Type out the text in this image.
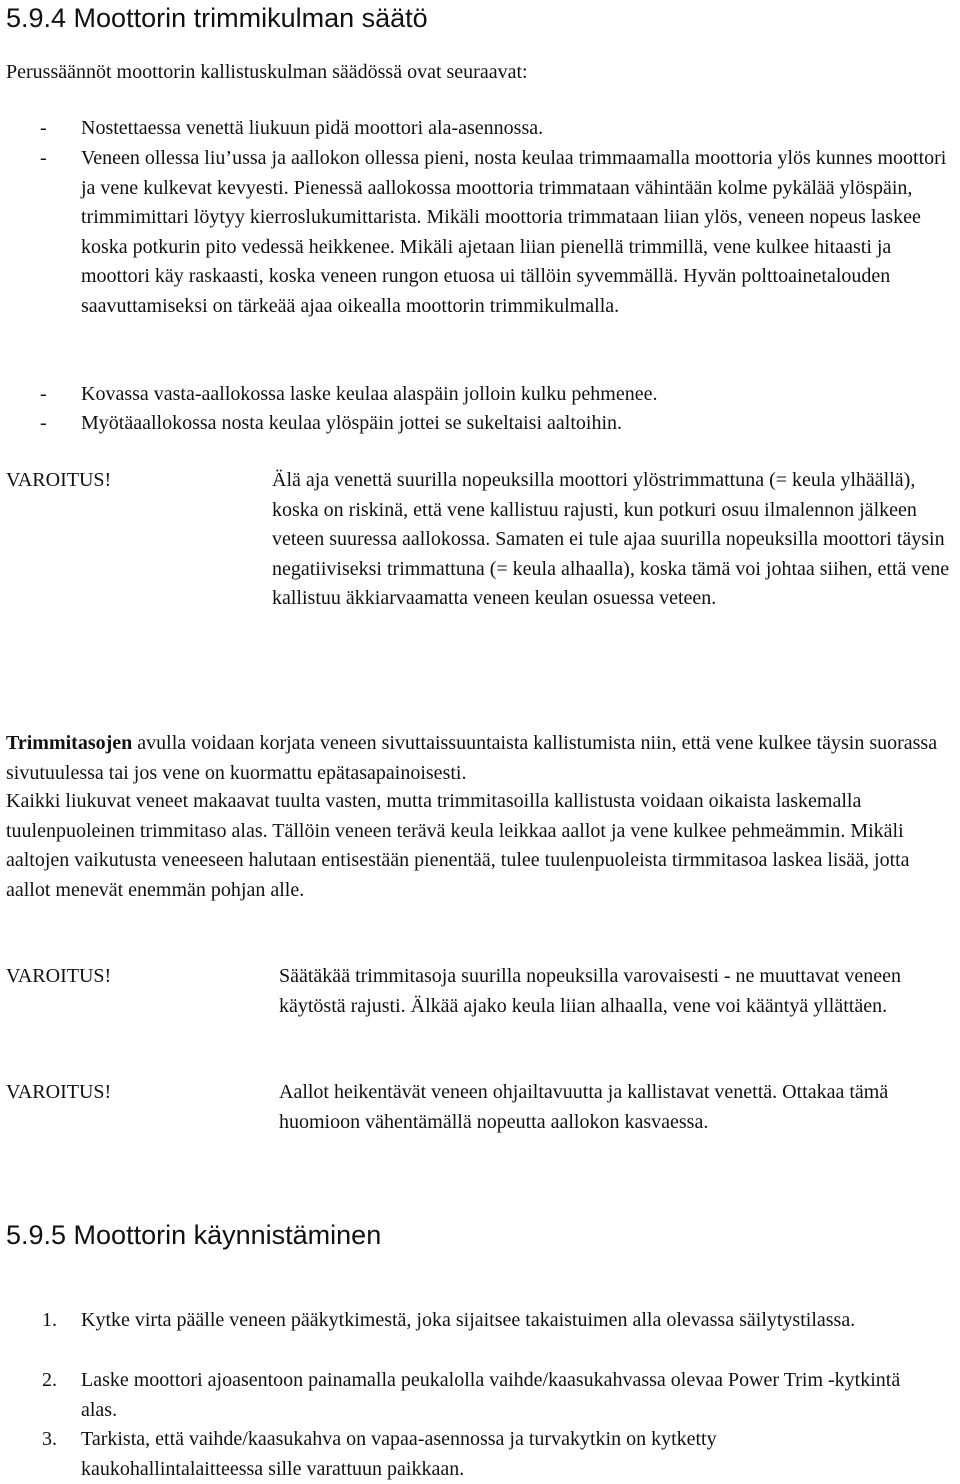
5.9.4 Moottorin trimmikulman säätö

Perussäännöt moottorin kallistuskulman säädössä ovat seuraavat:

- Nostettaessa venettä liukuun pidä moottori ala-asennossa.
- Veneen ollessa liu’ussa ja aallokon ollessa pieni, nosta keulaa trimmaamalla moottoria ylös kunnes moottori ja vene kulkevat kevyesti. Pienessä aallokossa moottoria trimmataan vähintään kolme pykälää ylöspäin, trimmimittari löytyy kierroslukumittarista. Mikäli moottoria trimmataan liian ylös, veneen nopeus laskee koska potkurin pito vedessä heikkenee. Mikäli ajetaan liian pienellä trimmillä, vene kulkee hitaasti ja moottori käy raskaasti, koska veneen rungon etuosa ui tällöin syvemmällä. Hyvän polttoainetalouden saavuttamiseksi on tärkeää ajaa oikealla moottorin trimmikulmalla.

- Kovassa vasta-aallokossa laske keulaa alaspäin jolloin kulku pehmenee.
- Myötäaallokossa nosta keulaa ylöspäin jottei se sukeltaisi aaltoihin.
VAROITUS!	Älä aja venettä suurilla nopeuksilla moottori ylöstrimmattuna (= keula ylhäällä), koska on riskinä, että vene kallistuu rajusti, kun potkuri osuu ilmalennon jälkeen veteen suuressa aallokossa. Samaten ei tule ajaa suurilla nopeuksilla moottori täysin negatiiviseksi trimmattuna (= keula alhaalla), koska tämä voi johtaa siihen, että vene kallistuu äkkiarvaamatta veneen keulan osuessa veteen.

Trimmitasojen avulla voidaan korjata veneen sivuttaissuuntaista kallistumista niin, että vene kulkee täysin suorassa sivutuulessa tai jos vene on kuormattu epätasapainoisesti.

Kaikki liukuvat veneet makaavat tuulta vasten, mutta trimmitasoilla kallistusta voidaan oikaista laskemalla tuulenpuoleinen trimmitaso alas. Tällöin veneen terävä keula leikkaa aallot ja vene kulkee pehmeämmin. Mikäli aaltojen vaikutusta veneeseen halutaan entisestään pienentää, tulee tuulenpuoleista tirmmitasoa laskea lisää, jotta aallot menevät enemmän pohjan alle.

VAROITUS!	Säätäkää trimmitasoja suurilla nopeuksilla varovaisesti - ne muuttavat veneen käytöstä rajusti. Älkää ajako keula liian alhaalla, vene voi kääntyä yllättäen.

VAROITUS!	Aallot heikentävät veneen ohjailtavuutta ja kallistavat venettä. Ottakaa tämä huomioon vähentämällä nopeutta aallokon kasvaessa.

5.9.5 Moottorin käynnistäminen
1. Kytke virta päälle veneen pääkytkimestä, joka sijaitsee takaistuimen alla olevassa säilytystilassa.

2. Laske moottori ajoasentoon painamalla peukalolla vaihde/kaasukahvassa olevaa Power Trim -kytkintä alas.

3. Tarkista, että vaihde/kaasukahva on vapaa-asennossa ja turvakytkin on kytketty kaukohallintalaitteessa sille varattuun paikkaan.
